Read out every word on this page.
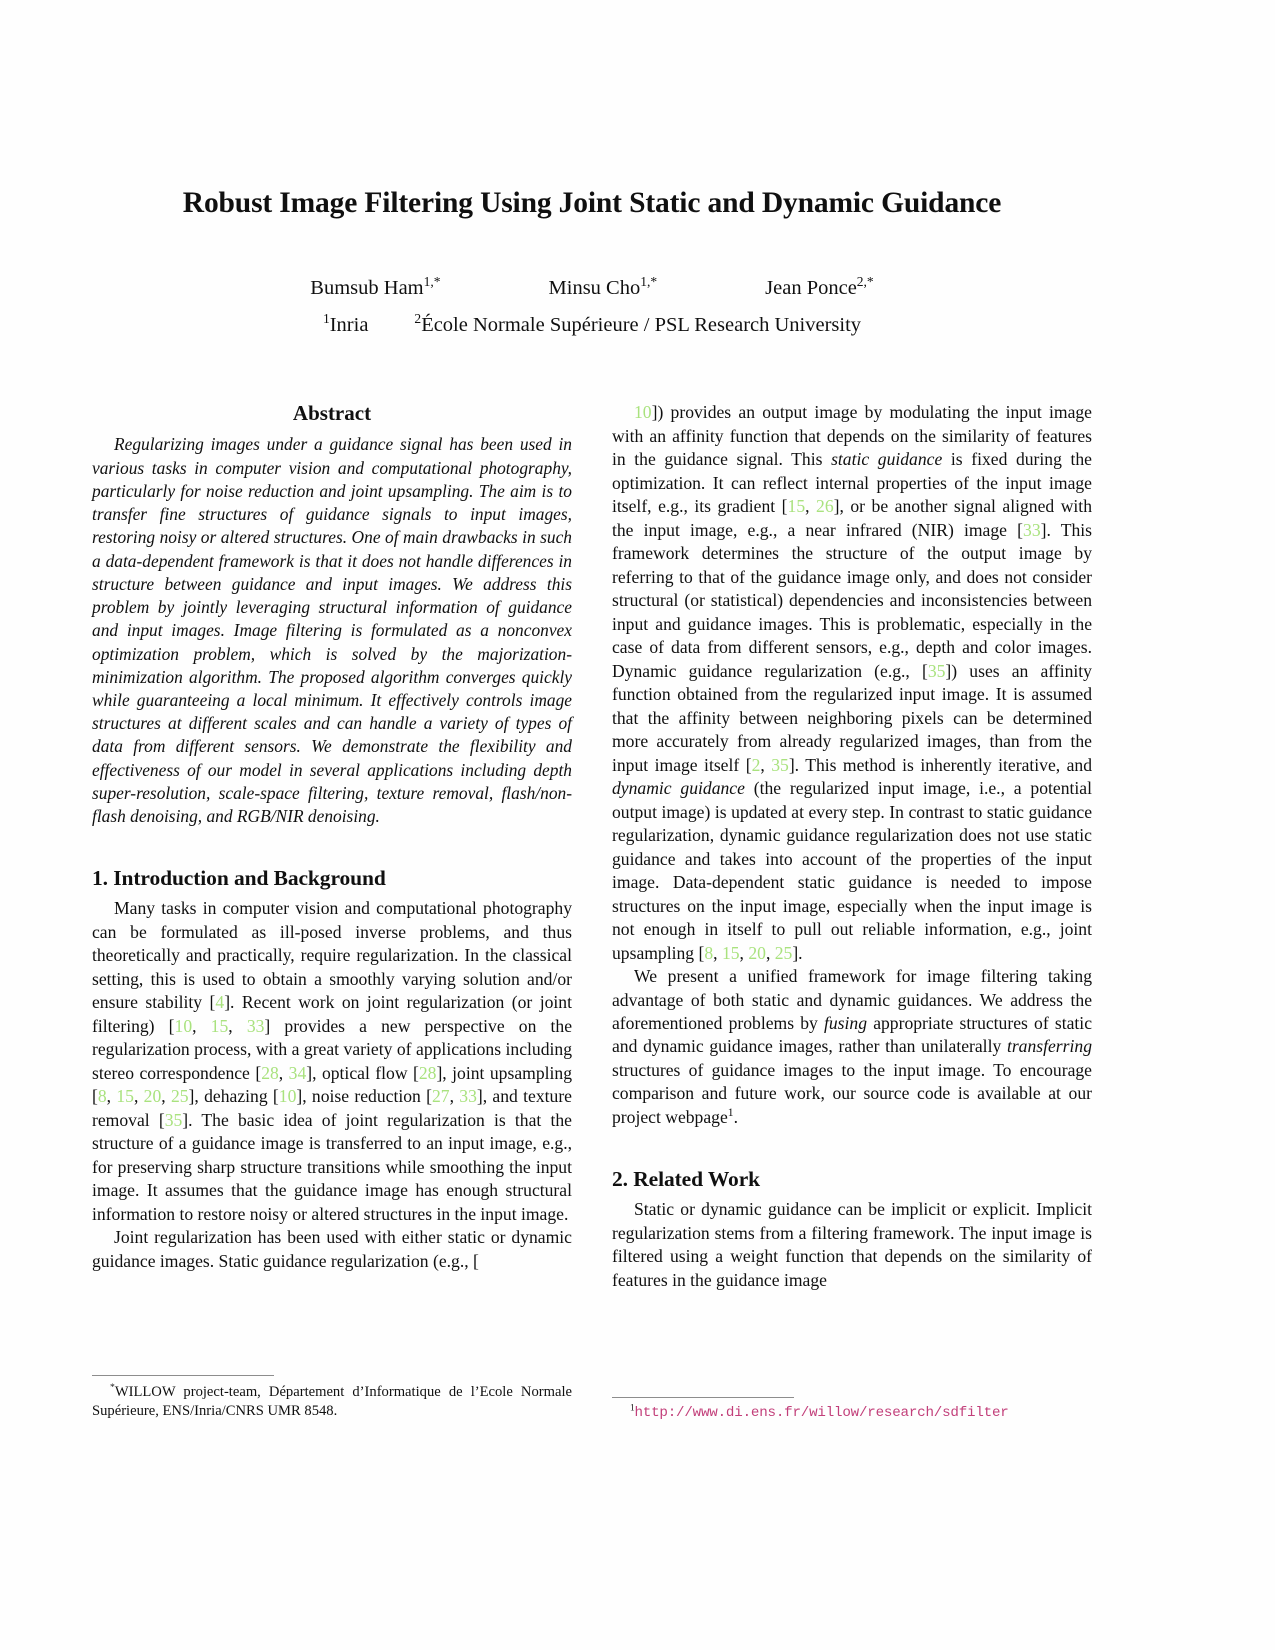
Robust Image Filtering Using Joint Static and Dynamic Guidance
Bumsub Ham$^{1,*}$	Minsu Cho$^{1,*}$	Jean Ponce$^{2,*}$
$^1$Inria	$^2$École Normale Supérieure / PSL Research University
Abstract

Regularizing images under a guidance signal has been used in various tasks in computer vision and computational photography, particularly for noise reduction and joint upsampling. The aim is to transfer fine structures of guidance signals to input images, restoring noisy or altered structures. One of main drawbacks in such a data-dependent framework is that it does not handle differences in structure between guidance and input images. We address this problem by jointly leveraging structural information of guidance and input images. Image filtering is formulated as a nonconvex optimization problem, which is solved by the majorization-minimization algorithm. The proposed algorithm converges quickly while guaranteeing a local minimum. It effectively controls image structures at different scales and can handle a variety of types of data from different sensors. We demonstrate the flexibility and effectiveness of our model in several applications including depth super-resolution, scale-space filtering, texture removal, flash/non-flash denoising, and RGB/NIR denoising.

1. Introduction and Background

Many tasks in computer vision and computational photography can be formulated as ill-posed inverse problems, and thus theoretically and practically, require regularization. In the classical setting, this is used to obtain a smoothly varying solution and/or ensure stability [4]. Recent work on joint regularization (or joint filtering) [10, 15, 33] provides a new perspective on the regularization process, with a great variety of applications including stereo correspondence [28, 34], optical flow [28], joint upsampling [8, 15, 20, 25], dehazing [10], noise reduction [27, 33], and texture removal [35]. The basic idea of joint regularization is that the structure of a guidance image is transferred to an input image, e.g., for preserving sharp structure transitions while smoothing the input image. It assumes that the guidance image has enough structural information to restore noisy or altered structures in the input image.

Joint regularization has been used with either static or dynamic guidance images. Static guidance regularization (e.g., [

*WILLOW project-team, Département d’Informatique de l’Ecole Normale Supérieure, ENS/Inria/CNRS UMR 8548.

10]) provides an output image by modulating the input image with an affinity function that depends on the similarity of features in the guidance signal. This static guidance is fixed during the optimization. It can reflect internal properties of the input image itself, e.g., its gradient [15, 26], or be another signal aligned with the input image, e.g., a near infrared (NIR) image [33]. This framework determines the structure of the output image by referring to that of the guidance image only, and does not consider structural (or statistical) dependencies and inconsistencies between input and guidance images. This is problematic, especially in the case of data from different sensors, e.g., depth and color images. Dynamic guidance regularization (e.g., [35]) uses an affinity function obtained from the regularized input image. It is assumed that the affinity between neighboring pixels can be determined more accurately from already regularized images, than from the input image itself [2, 35]. This method is inherently iterative, and dynamic guidance (the regularized input image, i.e., a potential output image) is updated at every step. In contrast to static guidance regularization, dynamic guidance regularization does not use static guidance and takes into account of the properties of the input image. Data-dependent static guidance is needed to impose structures on the input image, especially when the input image is not enough in itself to pull out reliable information, e.g., joint upsampling [8, 15, 20, 25].

We present a unified framework for image filtering taking advantage of both static and dynamic guidances. We address the aforementioned problems by fusing appropriate structures of static and dynamic guidance images, rather than unilaterally transferring structures of guidance images to the input image. To encourage comparison and future work, our source code is available at our project webpage$^1$.

2. Related Work

Static or dynamic guidance can be implicit or explicit. Implicit regularization stems from a filtering framework. The input image is filtered using a weight function that depends on the similarity of features in the guidance image

$^1$http://www.di.ens.fr/willow/research/sdfilter
